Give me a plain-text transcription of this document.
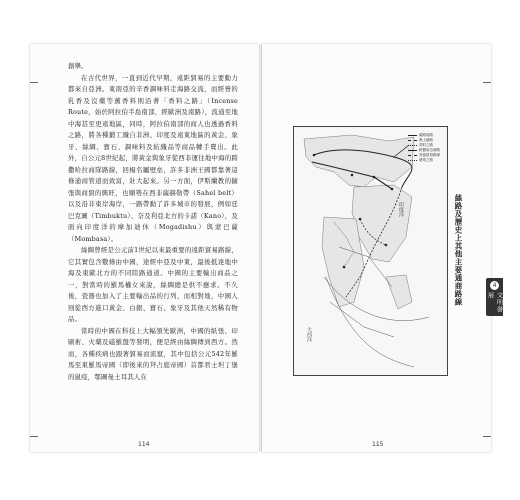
創舉。

在古代世界，一直到近代早期，遠距貿易的主要動力都來自亞洲。東南亞的辛香調味料走海路交流，而經營的乳香及沒藥等薰香料則沿著「香料之路」（Incense Route，始於阿拉伯半島南部，經歐洲及南路），流通至地中海甚至更遠地區，同時，阿拉伯南部的商人也透過香料之路，將各種鍛工織自非洲、印度及遠東地區的黃金、象牙、絲綢、寶石、調味料及紡織品等商品轉手賣出。此外，自公元8世紀起，將黃金與象牙從西非運往地中海的跨撒哈拉商隊路線，回楊名屬壁垒，許多非洲王國都靠著這條通商管道而致富，壯大起來。另一方面，伊斯蘭教的擴張與商貿的興旺，也順勢在西非薩赫勒帶（Sahel belt）以及沿非東岸海岸，一路帶動了許多城市的發展，例如廷巴克圖（Timbuktu）、奈及利亞北方的卡諾（Kano），及面向印度洋的摩加迪休（Mogadishu）與蒙巴薩（Mombasa）。

絲綢曾經是公元前1世紀以來最重要的遠距貿易路線，它其實包含數條由中國，途經中亞及中東，最後抵達地中海及東歐北方的不同陸路通道。中國的主要輸出商品之一，對當時的羅馬權女來說，絲綢總是供不應求。不久後，瓷器也加入了主要輸出品的行列，而相對地，中國人則從西方進口黃金、白銀、寶石、象牙及其他天然稀有物品。

當時的中國在科技上大幅領先歐洲，中國的紙張、印刷術、火藥及磁羅盤等發明，便是經由絲綢傳到西方。然而，各種疾病也跟著貿易而流竄，其中包括公元542年羅馬至東羅馬帝國（即後來的拜占庭帝國）首都君士坦丁堡的鼠疫，鄂圖曼土耳其人在

114
印度洋
大西洋
絲路陸路
海上絲路
香料之路
跨撒哈拉商路
其他貿易路線
琥珀之路
絲路及歷史上其他主要通商路線	4
文明發展
115
